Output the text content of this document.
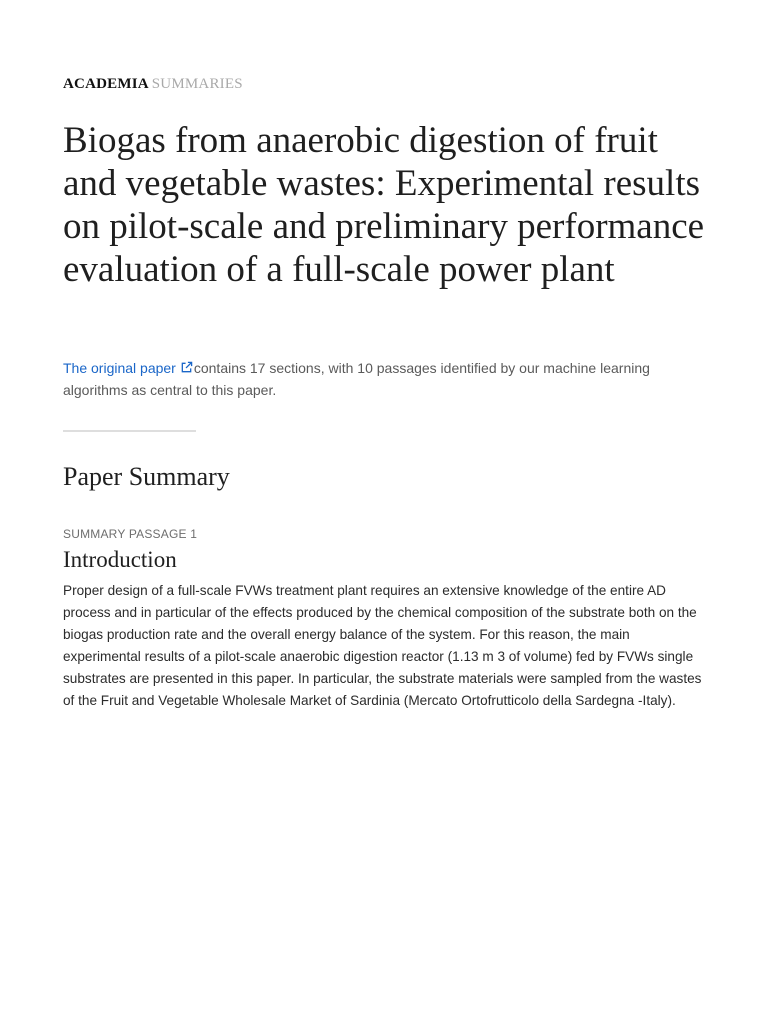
ACADEMIA SUMMARIES
Biogas from anaerobic digestion of fruit and vegetable wastes: Experimental results on pilot-scale and preliminary performance evaluation of a full-scale power plant

The original paper contains 17 sections, with 10 passages identified by our machine learning algorithms as central to this paper.

Paper Summary
SUMMARY PASSAGE 1
Introduction

Proper design of a full-scale FVWs treatment plant requires an extensive knowledge of the entire AD process and in particular of the effects produced by the chemical composition of the substrate both on the biogas production rate and the overall energy balance of the system. For this reason, the main experimental results of a pilot-scale anaerobic digestion reactor (1.13 m 3 of volume) fed by FVWs single substrates are presented in this paper. In particular, the substrate materials were sampled from the wastes of the Fruit and Vegetable Wholesale Market of Sardinia (Mercato Ortofrutticolo della Sardegna -Italy).
